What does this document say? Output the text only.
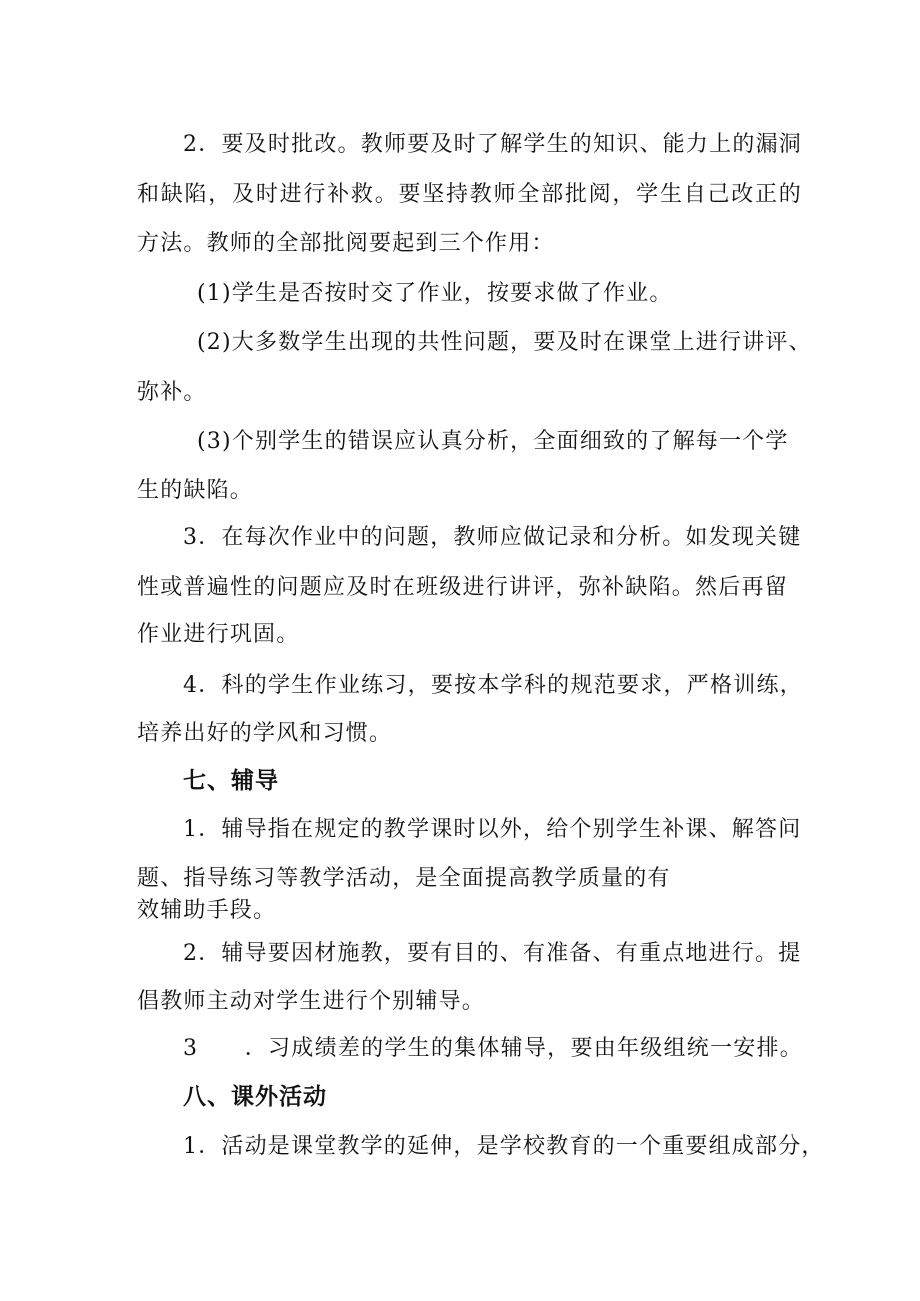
2．要及时批改。教师要及时了解学生的知识、能力上的漏洞
和缺陷，及时进行补救。要坚持教师全部批阅，学生自己改正的
方法。教师的全部批阅要起到三个作用：
(1)学生是否按时交了作业，按要求做了作业。
(2)大多数学生出现的共性问题，要及时在课堂上进行讲评、
弥补。
(3)个别学生的错误应认真分析，全面细致的了解每一个学
生的缺陷。
3．在每次作业中的问题，教师应做记录和分析。如发现关键
性或普遍性的问题应及时在班级进行讲评，弥补缺陷。然后再留
作业进行巩固。
4．科的学生作业练习，要按本学科的规范要求，严格训练，
培养出好的学风和习惯。
七、辅导
1．辅导指在规定的教学课时以外，给个别学生补课、解答问
题、指导练习等教学活动，是全面提高教学质量的有
效辅助手段。
2．辅导要因材施教，要有目的、有准备、有重点地进行。提
倡教师主动对学生进行个别辅导。
3　　．习成绩差的学生的集体辅导，要由年级组统一安排。
八、课外活动
1．活动是课堂教学的延伸，是学校教育的一个重要组成部分，
